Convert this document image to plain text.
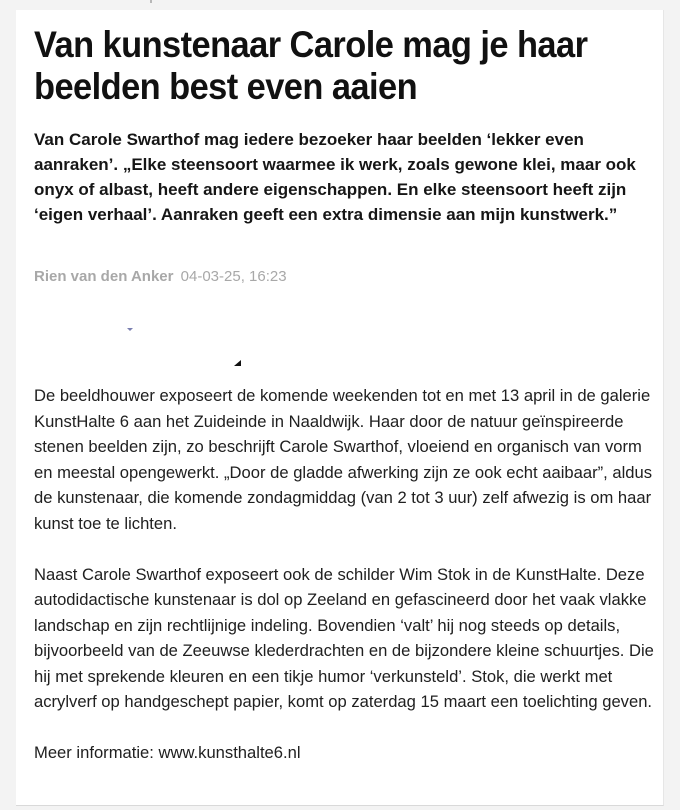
Van kunstenaar Carole mag je haar beelden best even aaien

Van Carole Swarthof mag iedere bezoeker haar beelden ‘lekker even aanraken’. „Elke steensoort waarmee ik werk, zoals gewone klei, maar ook onyx of albast, heeft andere eigenschappen. En elke steensoort heeft zijn ‘eigen verhaal’. Aanraken geeft een extra dimensie aan mijn kunstwerk.”

Rien van den Anker 04-03-25, 16:23

De beeldhouwer exposeert de komende weekenden tot en met 13 april in de galerie KunstHalte 6 aan het Zuideinde in Naaldwijk. Haar door de natuur geïnspireerde stenen beelden zijn, zo beschrijft Carole Swarthof, vloeiend en organisch van vorm en meestal opengewerkt. „Door de gladde afwerking zijn ze ook echt aaibaar”, aldus de kunstenaar, die komende zondagmiddag (van 2 tot 3 uur) zelf afwezig is om haar kunst toe te lichten.

Naast Carole Swarthof exposeert ook de schilder Wim Stok in de KunstHalte. Deze autodidactische kunstenaar is dol op Zeeland en gefascineerd door het vaak vlakke landschap en zijn rechtlijnige indeling. Bovendien ‘valt’ hij nog steeds op details, bijvoorbeeld van de Zeeuwse klederdrachten en de bijzondere kleine schuurtjes. Die hij met sprekende kleuren en een tikje humor ‘verkunsteld’. Stok, die werkt met acrylverf op handgeschept papier, komt op zaterdag 15 maart een toelichting geven.

Meer informatie: www.kunsthalte6.nl
